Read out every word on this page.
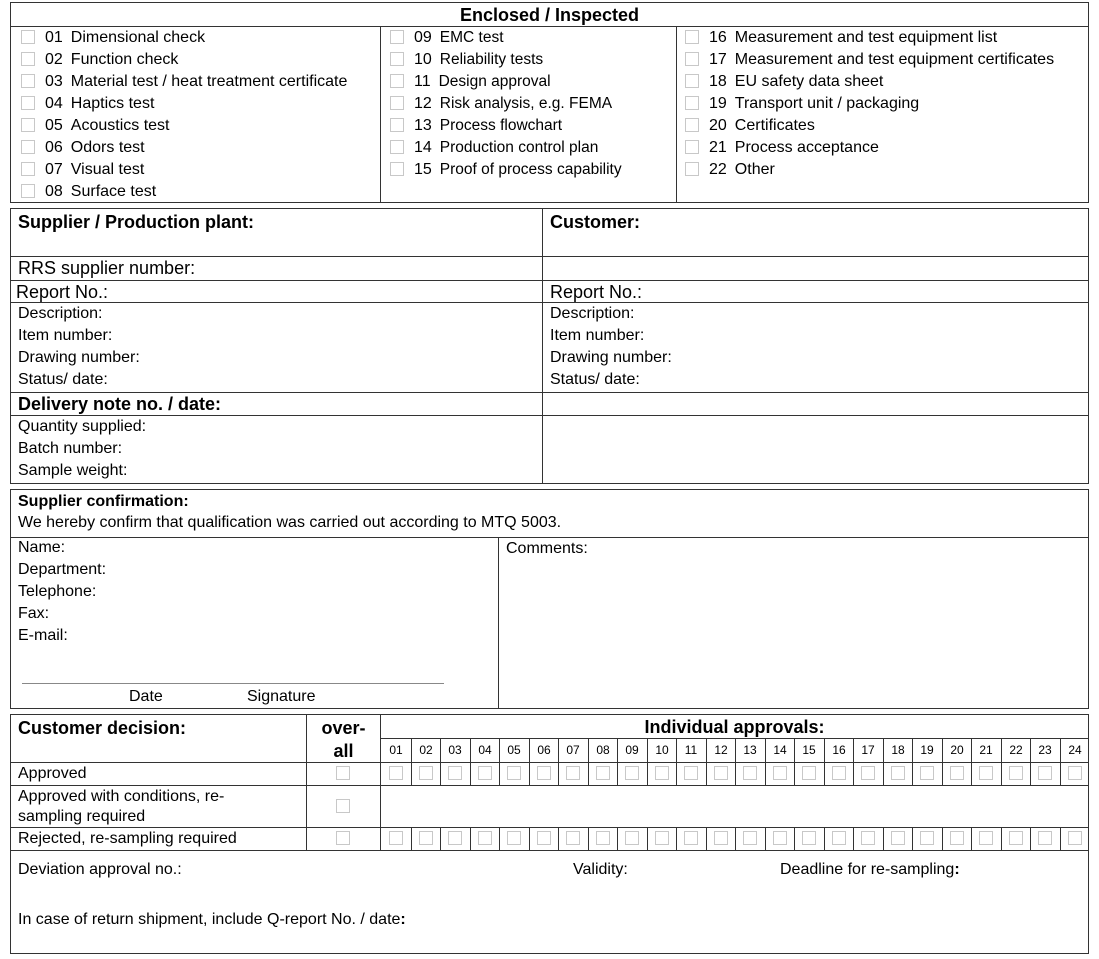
Enclosed / Inspected
01 Dimensional check
02 Function check
03 Material test / heat treatment certificate
04 Haptics test
05 Acoustics test
06 Odors test
07 Visual test
08 Surface test
09 EMC test
10 Reliability tests
11 Design approval
12 Risk analysis, e.g. FEMA
13 Process flowchart
14 Production control plan
15 Proof of process capability
16 Measurement and test equipment list
17 Measurement and test equipment certificates
18 EU safety data sheet
19 Transport unit / packaging
20 Certificates
21 Process acceptance
22 Other
Supplier / Production plant:
RRS supplier number:
Report No.:
Description:
Item number:
Drawing number:
Status/ date:
Delivery note no. / date:
Quantity supplied:
Batch number:
Sample weight:
Customer:
Report No.:
Description:
Item number:
Drawing number:
Status/ date:
Supplier confirmation:
We hereby confirm that qualification was carried out according to MTQ 5003.
Name:
Department:
Telephone:
Fax:
E-mail:
Date	Signature
Comments:
Customer decision:	over-
all
Individual approvals:
01	02	03	04	05	06	07	08	09	10	11	12	13	14	15	16	17	18	19	20	21	22	23	24
Approved
Approved with conditions, re-
sampling required
Rejected, re-sampling required
Deviation approval no.:	Validity:	Deadline for re-sampling:
In case of return shipment, include Q-report No. / date:
